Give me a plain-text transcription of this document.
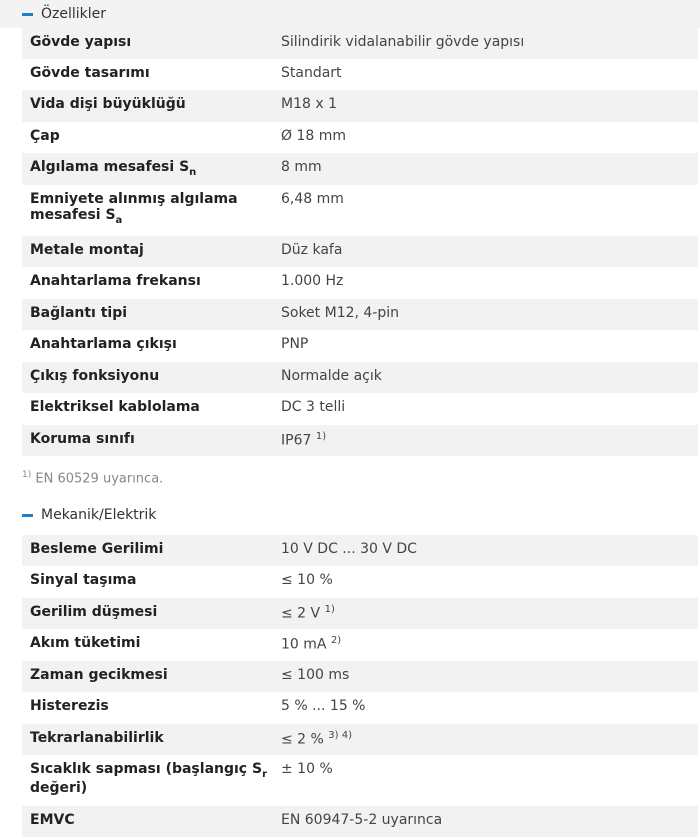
Özellikler
Gövde yapısı	Silindirik vidalanabilir gövde yapısı
Gövde tasarımı	Standart
Vida dişi büyüklüğü	M18 x 1
Çap	Ø 18 mm
Algılama mesafesi $S_n$	8 mm
Emniyete alınmış algılama mesafesi $S_a$	6,48 mm
Metale montaj	Düz kafa
Anahtarlama frekansı	1.000 Hz
Bağlantı tipi	Soket M12, 4-pin
Anahtarlama çıkışı	PNP
Çıkış fonksiyonu	Normalde açık
Elektriksel kablolama	DC 3 telli
Koruma sınıfı	IP67 $^{1)}$
$^{1)}$ EN 60529 uyarınca.
Mekanik/Elektrik
Besleme Gerilimi	10 V DC ... 30 V DC
Sinyal taşıma	≤ 10 %
Gerilim düşmesi	≤ 2 V $^{1)}$
Akım tüketimi	10 mA $^{2)}$
Zaman gecikmesi	≤ 100 ms
Histerezis	5 % ... 15 %
Tekrarlanabilirlik	≤ 2 % $^{3) 4)}$
Sıcaklık sapması (başlangıç $S_r$ değeri)	± 10 %
EMVC	EN 60947-5-2 uyarınca
